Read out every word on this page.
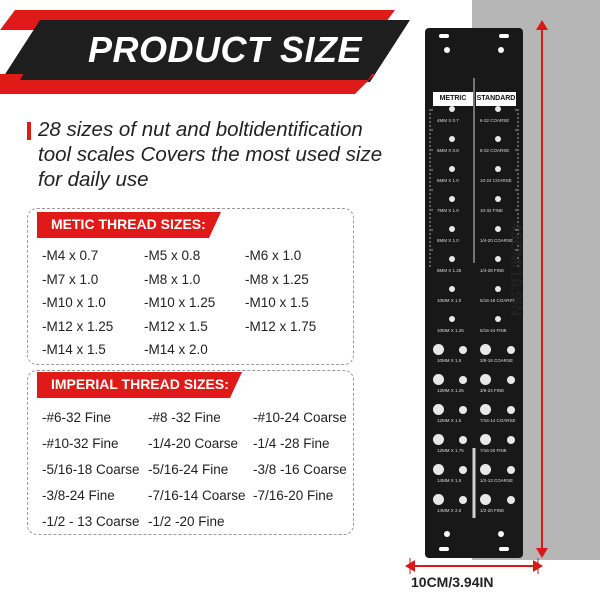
PRODUCT SIZE
28 sizes of nut and boltidentification tool scales Covers the most used size for daily use
METIC THREAD SIZES:
-M4 x 0.7	-M5 x 0.8	-M6 x 1.0
-M7 x 1.0	-M8 x 1.0	-M8 x 1.25
-M10 x 1.0	-M10 x 1.25 -M10 x 1.5
-M12 x 1.25 -M12 x 1.5	-M12 x 1.75
-M14 x 1.5	-M14 x 2.0
IMPERIAL THREAD SIZES:
-#6-32 Fine	-#8 -32 Fine -#10-24 Coarse
-#10-32 Fine -1/4-20 Coarse -1/4 -28 Fine
-5/16-18 Coarse -5/16-24 Fine -3/8 -16 Coarse
-3/8-24 Fine -7/16-14 Coarse -7/16-20 Fine
-1/2 - 13 Coarse -1/2 -20 Fine
METRIC	STANDARD
4MM X 0.7	6-32 COARSE
5MM X 0.8	8-32 COARSE
6MM X 1.0	10-24 COARSE
7MM X 1.0	10-32 FINE
8MM X 1.0	1/4-20 COARSE
8MM X 1.25	1/4-28 FINE
10MM X 1.0	5/16-18 COARSE
10MM X 1.25	5/16-24 FINE
10MM X 1.5	3/8-16 COARSE
12MM X 1.25	3/8-24 FINE
12MM X 1.5	7/16-14 COARSE
12MM X 1.75	7/16-20 FINE
14MM X 1.5	1/2-13 COARSE
14MM X 2.0	1/2-20 FINE
43CM/16.9IN
10CM/3.94IN
